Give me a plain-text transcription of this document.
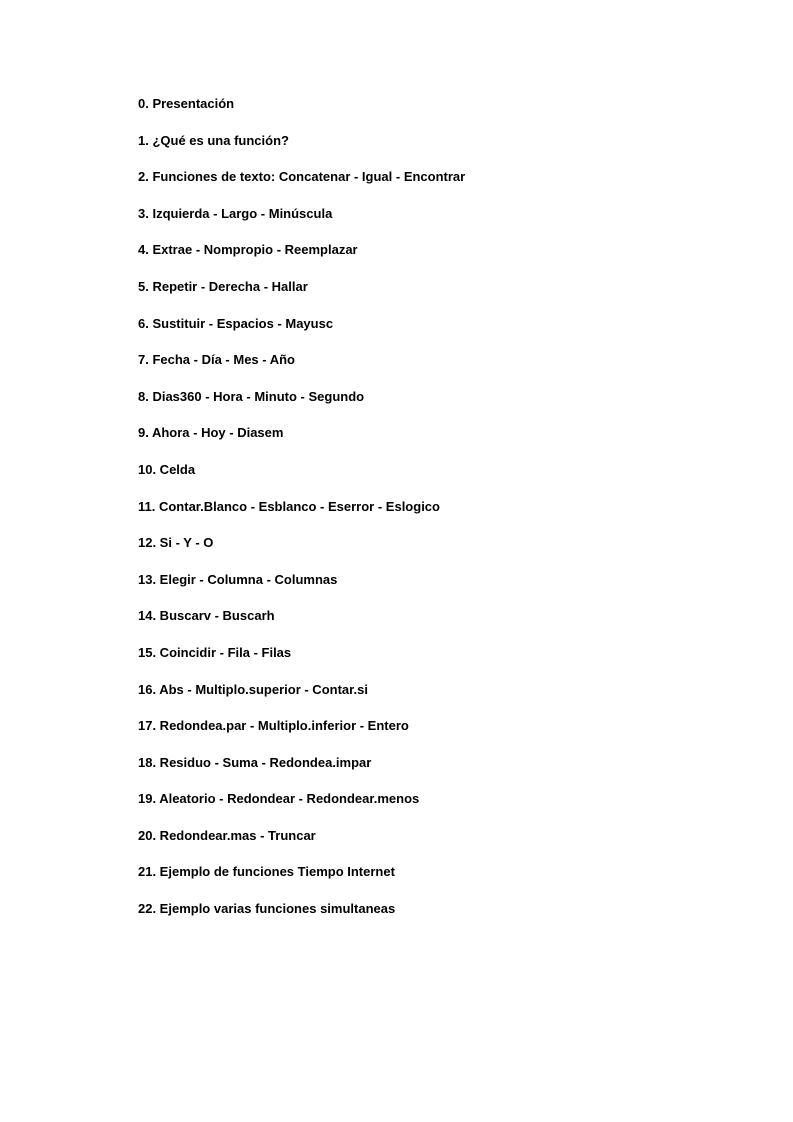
0. Presentación
1. ¿Qué es una función?
2. Funciones de texto: Concatenar - Igual - Encontrar
3. Izquierda - Largo - Minúscula
4. Extrae - Nompropio - Reemplazar
5. Repetir - Derecha - Hallar
6. Sustituir - Espacios - Mayusc
7. Fecha - Día - Mes - Año
8. Dias360 - Hora - Minuto - Segundo
9. Ahora - Hoy - Diasem
10. Celda
11. Contar.Blanco - Esblanco - Eserror - Eslogico
12. Si - Y - O
13. Elegir - Columna - Columnas
14. Buscarv - Buscarh
15. Coincidir - Fila - Filas
16. Abs - Multiplo.superior - Contar.si
17. Redondea.par - Multiplo.inferior - Entero
18. Residuo - Suma - Redondea.impar
19. Aleatorio - Redondear - Redondear.menos
20. Redondear.mas - Truncar
21. Ejemplo de funciones Tiempo Internet
22. Ejemplo varias funciones simultaneas
